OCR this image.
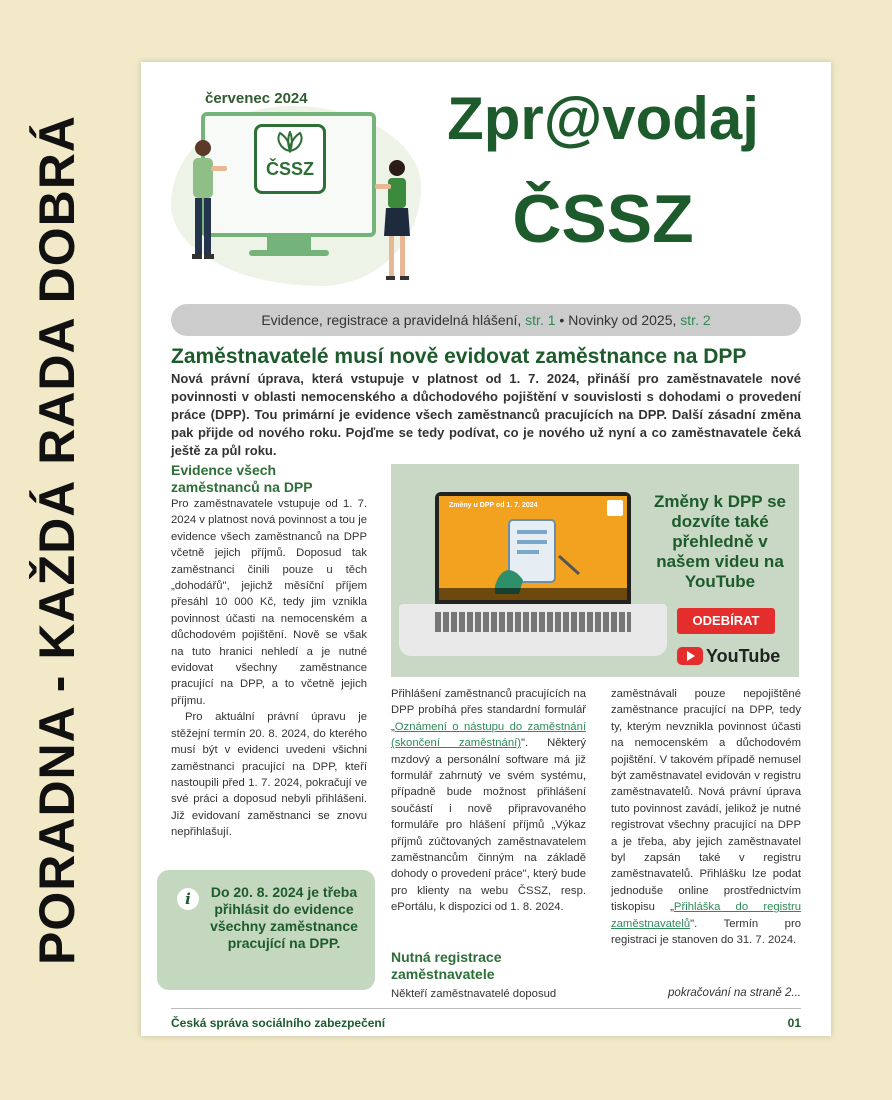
PORADNA - KAŽDÁ RADA DOBRÁ
červenec 2024
ČSSZ
Zpr@vodaj
ČSSZ
Evidence, registrace a pravidelná hlášení, str. 1 • Novinky od 2025, str. 2
Zaměstnavatelé musí nově evidovat zaměstnance na DPP
Nová právní úprava, která vstupuje v platnost od 1. 7. 2024, přináší pro zaměstnavatele nové povinnosti v oblasti nemocenského a důchodového pojištění v souvislosti s dohodami o provedení práce (DPP). Tou primární je evidence všech zaměstnanců pracujících na DPP. Další zásadní změna pak přijde od nového roku. Pojďme se tedy podívat, co je nového už nyní a co zaměstnavatele čeká ještě za půl roku.
Evidence všech zaměstnanců na DPP

Pro zaměstnavatele vstupuje od 1. 7. 2024 v platnost nová povinnost a tou je evidence všech zaměstnanců na DPP včetně jejich příjmů. Doposud tak zaměstnanci činili pouze u těch „dohodářů", jejichž měsíční příjem přesáhl 10 000 Kč, tedy jim vznikla povinnost účasti na nemocenském a důchodovém pojištění. Nově se však na tuto hranici nehledí a je nutné evidovat všechny zaměstnance pracující na DPP, a to včetně jejich příjmu.

Pro aktuální právní úpravu je stěžejní termín 20. 8. 2024, do kterého musí být v evidenci uvedeni všichni zaměstnanci pracující na DPP, kteří nastoupili před 1. 7. 2024, pokračují ve své práci a doposud nebyli přihlášeni. Již evidovaní zaměstnanci se znovu nepřihlašují.

i	Do 20. 8. 2024 je třeba přihlásit do evidence všechny zaměstnance pracující na DPP.
Změny u DPP od 1. 7. 2024	Změny k DPP se dozvíte také přehledně v našem videu na YouTube
ODEBÍRAT
YouTube

Přihlášení zaměstnanců pracujících na DPP probíhá přes standardní formulář „Oznámení o nástupu do zaměstnání (skončení zaměstnání)". Některý mzdový a personální software má již formulář zahrnutý ve svém systému, případně bude možnost přihlášení součástí i nově připravovaného formuláře pro hlášení příjmů „Výkaz příjmů zúčtovaných zaměstnavatelem zaměstnancům činným na základě dohody o provedení práce", který bude pro klienty na webu ČSSZ, resp. ePortálu, k dispozici od 1. 8. 2024.

Nutná registrace zaměstnavatele
Někteří zaměstnavatelé doposud

zaměstnávali pouze nepojištěné zaměstnance pracující na DPP, tedy ty, kterým nevznikla povinnost účasti na nemocenském a důchodovém pojištění. V takovém případě nemusel být zaměstnavatel evidován v registru zaměstnavatelů. Nová právní úprava tuto povinnost zavádí, jelikož je nutné registrovat všechny pracující na DPP a je třeba, aby jejich zaměstnavatel byl zapsán také v registru zaměstnavatelů. Přihlášku lze podat jednoduše online prostřednictvím tiskopisu „Přihláška do registru zaměstnavatelů". Termín pro registraci je stanoven do 31. 7. 2024.

pokračování na straně 2...
Česká správa sociálního zabezpečení	01
